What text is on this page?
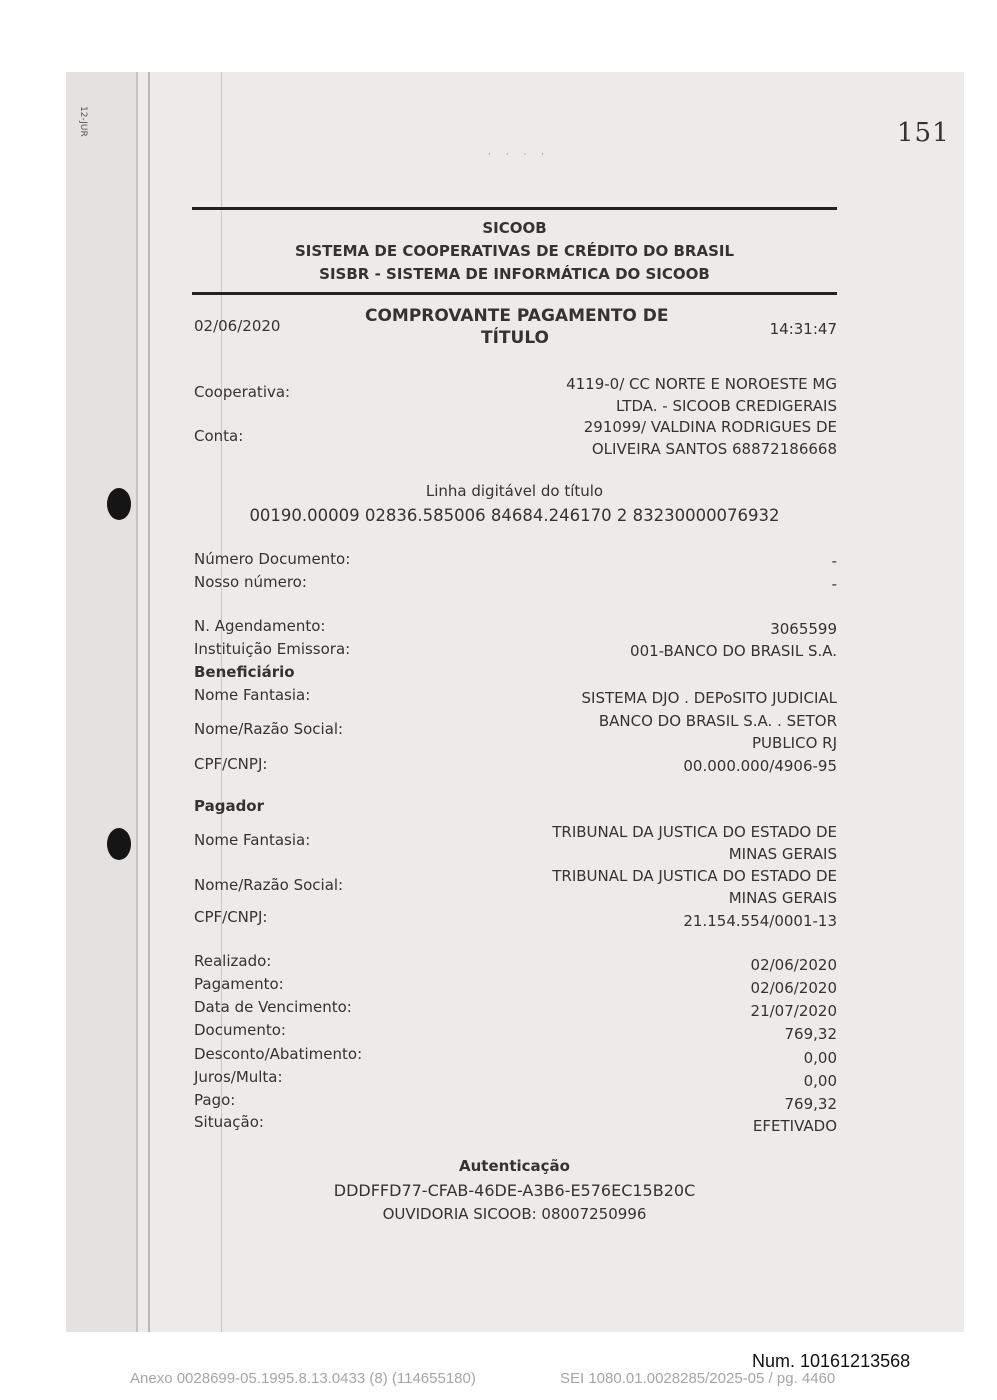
12-JUR	151
· · · ·
SICOOB
SISTEMA DE COOPERATIVAS DE CRÉDITO DO BRASIL
SISBR - SISTEMA DE INFORMÁTICA DO SICOOB
02/06/2020	COMPROVANTE PAGAMENTO DE
TÍTULO	14:31:47
Cooperativa:	4119-0/ CC NORTE E NOROESTE MG
LTDA. - SICOOB CREDIGERAIS
Conta:	291099/ VALDINA RODRIGUES DE
OLIVEIRA SANTOS 68872186668
Linha digitável do título
00190.00009 02836.585006 84684.246170 2 83230000076932
Número Documento:	-
Nosso número:	-
N. Agendamento:	3065599
Instituição Emissora:	001-BANCO DO BRASIL S.A.
Beneficiário
Nome Fantasia:	SISTEMA DJO . DEPoSITO JUDICIAL
Nome/Razão Social:	BANCO DO BRASIL S.A. . SETOR
PUBLICO RJ
CPF/CNPJ:	00.000.000/4906-95
Pagador
Nome Fantasia:	TRIBUNAL DA JUSTICA DO ESTADO DE
MINAS GERAIS
Nome/Razão Social:	TRIBUNAL DA JUSTICA DO ESTADO DE
MINAS GERAIS
CPF/CNPJ:	21.154.554/0001-13
Realizado:	02/06/2020
Pagamento:	02/06/2020
Data de Vencimento:	21/07/2020
Documento:	769,32
Desconto/Abatimento:	0,00
Juros/Multa:	0,00
Pago:	769,32
Situação:	EFETIVADO
Autenticação
DDDFFD77-CFAB-46DE-A3B6-E576EC15B20C
OUVIDORIA SICOOB: 08007250996
Num. 10161213568
Anexo 0028699-05.1995.8.13.0433 (8) (114655180)	SEI 1080.01.0028285/2025-05 / pg. 4460
